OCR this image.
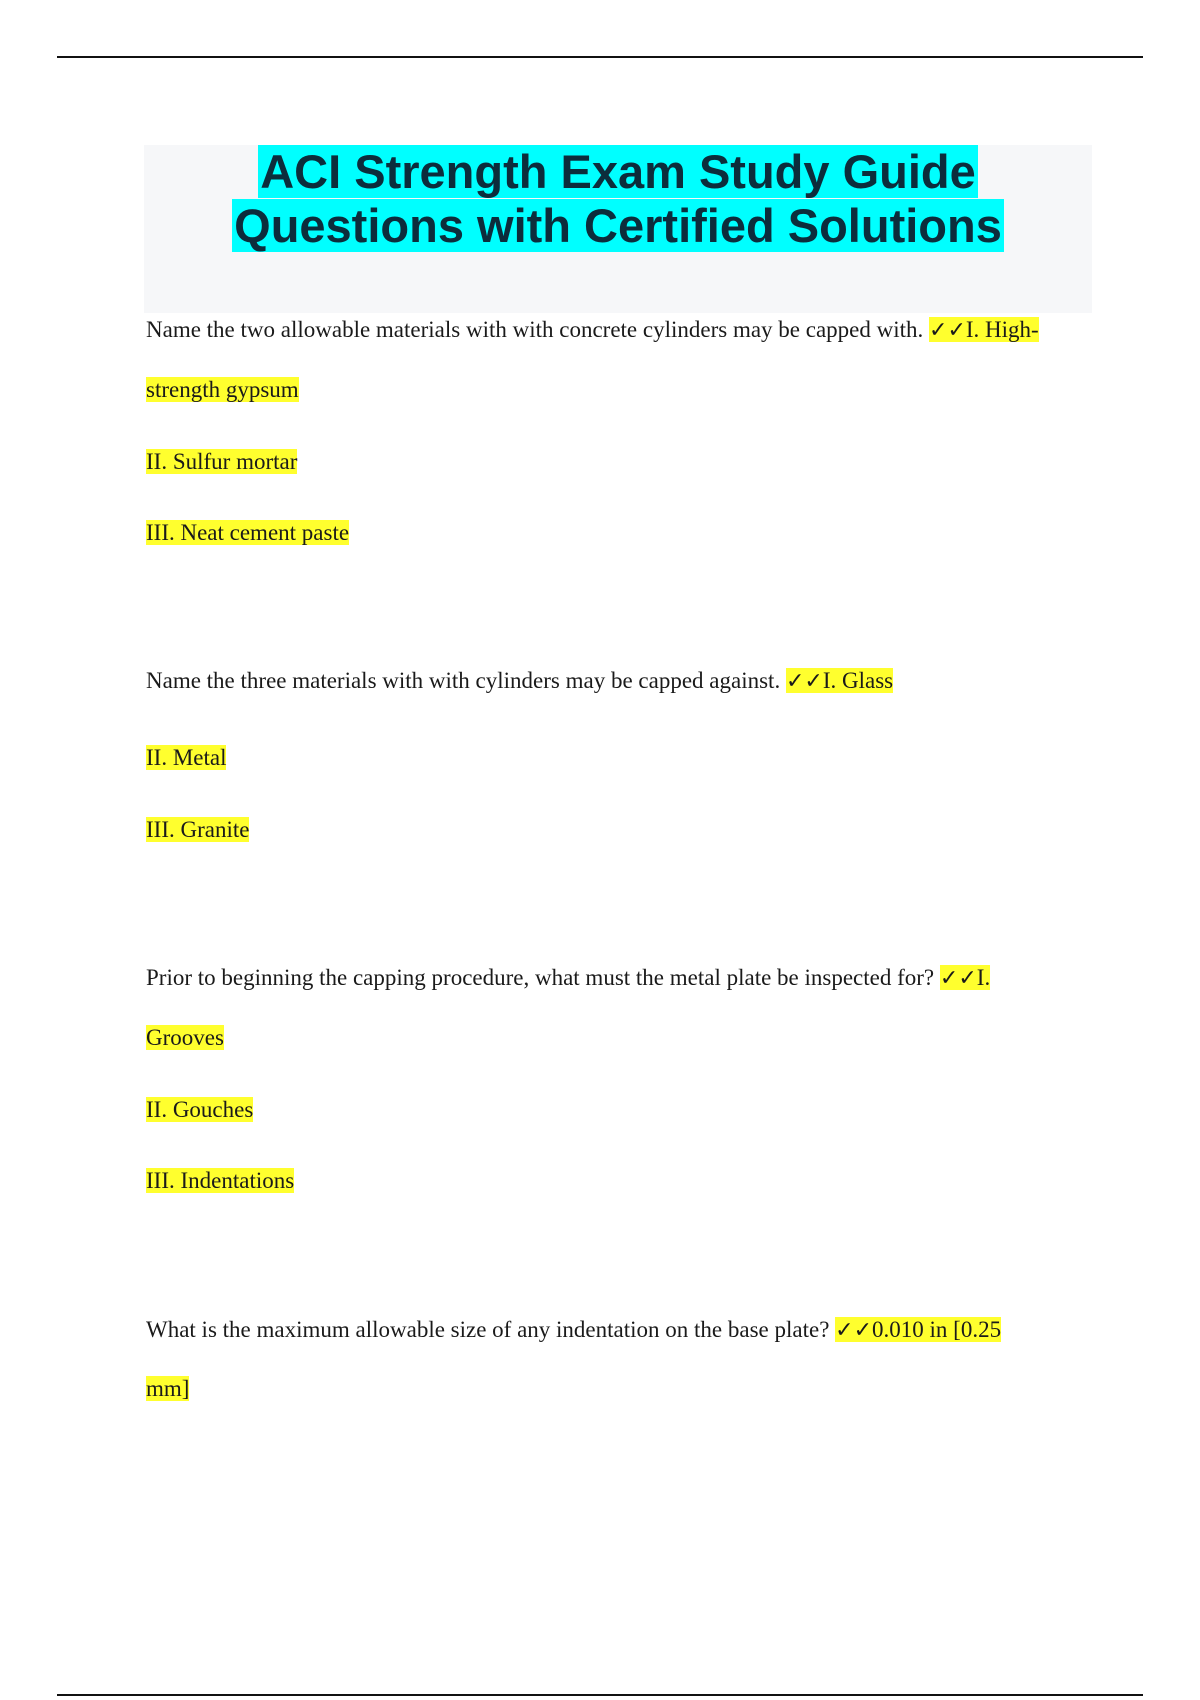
ACI Strength Exam Study Guide
Questions with Certified Solutions
Name the two allowable materials with with concrete cylinders may be capped with. ✓✓I. High-
strength gypsum
II. Sulfur mortar
III. Neat cement paste
Name the three materials with with cylinders may be capped against. ✓✓I. Glass
II. Metal
III. Granite
Prior to beginning the capping procedure, what must the metal plate be inspected for? ✓✓I.
Grooves
II. Gouches
III. Indentations
What is the maximum allowable size of any indentation on the base plate? ✓✓0.010 in [0.25
mm]
